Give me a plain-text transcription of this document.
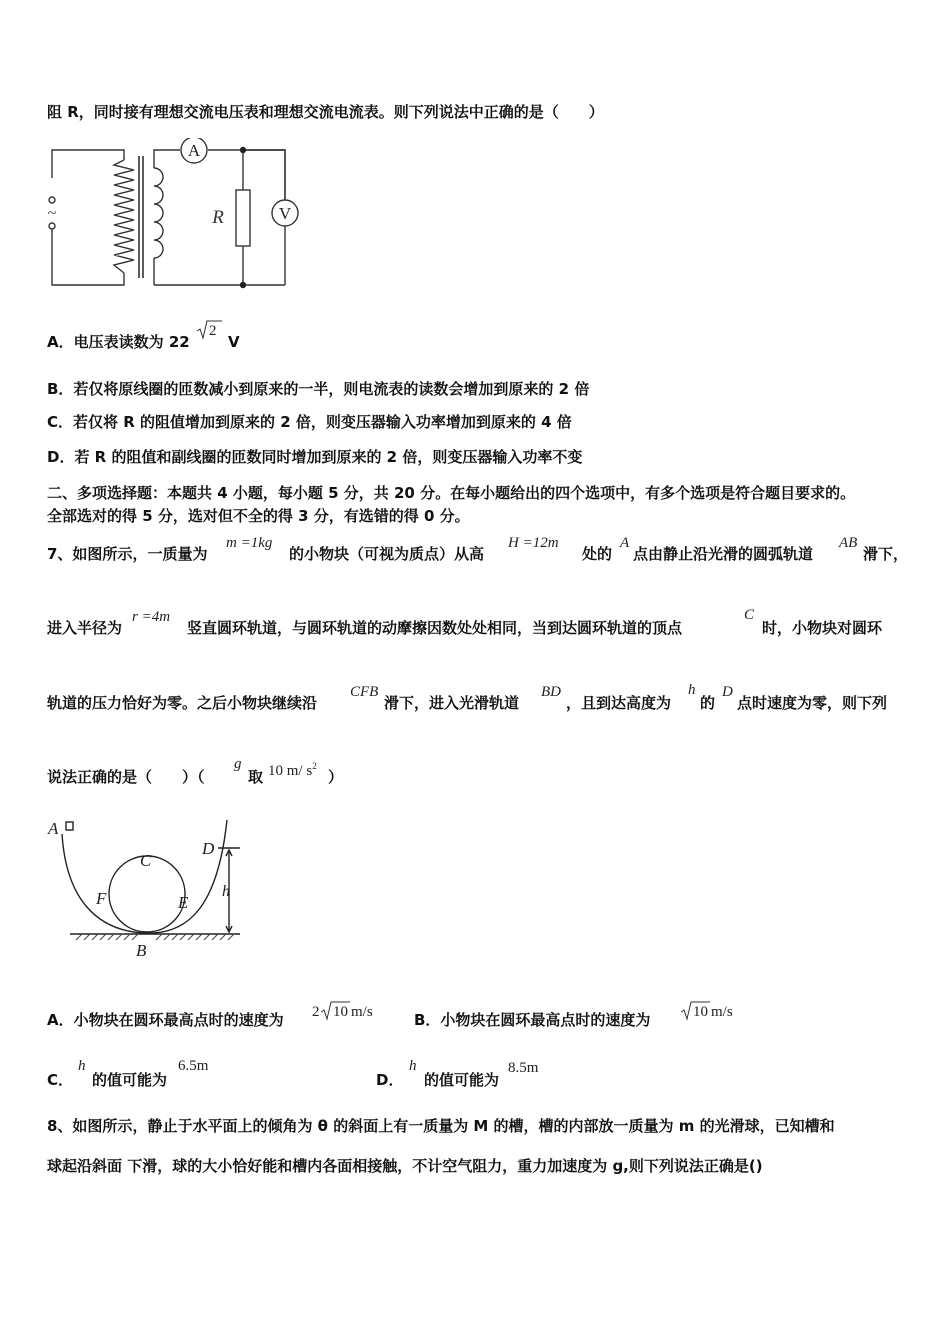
阻 R，同时接有理想交流电压表和理想交流电流表。则下列说法中正确的是（　　）
A
V
R
~
A．电压表读数为 22
2
V
B．若仅将原线圈的匝数减小到原来的一半，则电流表的读数会增加到原来的 2 倍
C．若仅将 R 的阻值增加到原来的 2 倍，则变压器输入功率增加到原来的 4 倍
D．若 R 的阻值和副线圈的匝数同时增加到原来的 2 倍，则变压器输入功率不变
二、多项选择题：本题共 4 小题，每小题 5 分，共 20 分。在每小题给出的四个选项中，有多个选项是符合题目要求的。
全部选对的得 5 分，选对但不全的得 3 分，有选错的得 0 分。
7、如图所示，一质量为
m =1kg
的小物块（可视为质点）从高
H =12m
处的
A
点由静止沿光滑的圆弧轨道
AB
滑下，
进入半径为
r =4m
竖直圆环轨道，与圆环轨道的动摩擦因数处处相同，当到达圆环轨道的顶点
C
时，小物块对圆环
轨道的压力恰好为零。之后小物块继续沿
CFB
滑下，进入光滑轨道
BD
，且到达高度为
h
的
D
点时速度为零，则下列
说法正确的是（　　）（
g
取 10 m/ $s^2$
）
A
C
D
F	E
h
B
A．小物块在圆环最高点时的速度为 2 10 m/s	B．小物块在圆环最高点时的速度为	10 m/s
C．
h
的值可能为
6.5m
D．
h
的值可能为
8.5m
8、如图所示，静止于水平面上的倾角为 θ 的斜面上有一质量为 M 的槽，槽的内部放一质量为 m 的光滑球，已知槽和
球起沿斜面 下滑，球的大小恰好能和槽内各面相接触，不计空气阻力，重力加速度为 g,则下列说法正确是()
